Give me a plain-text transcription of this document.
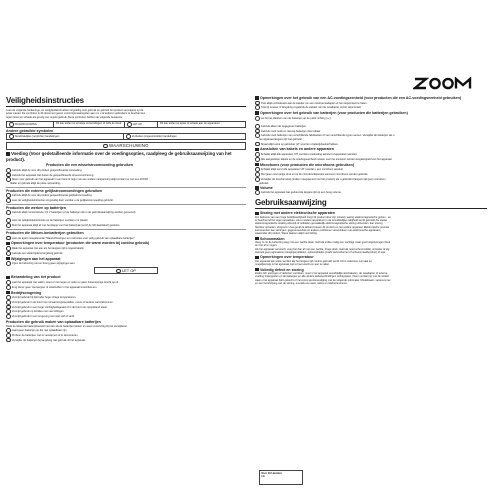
Veiligheidsinstructies
Lees de volgende bedienings- en veiligheidsinstructies zorgvuldig voor gebruik en gebruik het product vervolgens op de
juiste manier. De symbolen in dit document geven voorzorgsmaatregelen aan om u of anderen gebruikers te beschermen
tegen letsel en schade als gevolg van onjuist gebruik. Deze symbolen hebben de volgende betekenis:
WAARSCHUWING	Dit kan leiden tot ernstige verwondingen of zelfs de dood	LET OP	Dit kan leiden tot letsel of schade aan de apparatuur
Andere gebruikte symbolen
Noodzakelijke (verplichte) handelingen	Verboden (ongeoorloofde) handelingen
WAARSCHUWING
Voeding (Voor gedetailleerde informatie over de voedingsopties, raadpleeg de gebruiksaanwijzing van het product).
Producten die een wisselstroomvoeding gebruiken
Gebruik altijd de voor dit product gespecificeerde netvoeding.
Gebruik het apparaat niet buiten de gespecificeerde stroomvoorziening.
Neem voor gebruik van het apparaat in een land of regio met een andere netspanning altijd contact op met een ZOOM
dealer en gebruik altijd de juiste netvoeding.
Producten die externe gelijkstroomvoedingen gebruiken
Gebruik altijd de voor dit product gespecificeerde gelijkstroomvoeding.
Lees de veiligheidsinstructies zorgvuldig door voordat u de gelijkstroomvoeding gebruikt.
Producten die werken op batterijen
Gebruik altijd conventionele 1.5 V batterijen (of de batterijen die in de gebruiksaanwijzing worden genoemd).

Lees de veiligheidsinstructies op de batterijen voordat u ze plaatst.
Sluit het apparaat altijd af met het klepje voor het batterijvak (en/of de SD-kaartsleuf) gesloten.
Producten die lithium-ionbatterijen gebruiken
Lees de apart meegeleverde "Waarschuwingen en instructies voor veilig gebruik van oplaadbare batterijen".
Opmerkingen over temperatuur (producten die warm worden bij continu gebruik)
Raak het apparaat niet aan als het langere tijd is ingeschakeld.
Gebruik een statief tijdens langdurig gebruik.
Wijzigingen aan het apparaat
Open de behuizing niet en breng geen wijzigingen aan.
LET OP
Behandeling van het product
Laat het apparaat niet vallen, stoot er niet tegen en oefen er geen buitensporige kracht op uit.
Zorg dat er geen voorwerpen of vloeistoffen in het apparaat terechtkomen.
Bedrijfsomgeving
Vermijd gebruik bij bijzonder hoge of lage temperaturen.
Vermijd gebruik in de buurt van verwarmingstoestellen, ovens of andere warmtebronnen.
Vermijd gebruik in een hoge vochtigheidsgraad of in de buurt van opspattend water.
Vermijd gebruik op locaties met veel trillingen.
Vermijd gebruik in een omgeving met veel stof of zand.
Producten die gebruik maken van oplaadbare batterijen
Raak de lekkende batterijvloeistof niet aan als de batterijen lekken en wees voorzichtig bij het verwijderen.
Laad geen batterijen op die niet oplaadbaar zijn.
Probeer de batterijen niet te verwarmen of te demonteren.
Verwijder de batterijen bij langdurig niet gebruik uit het apparaat.
Opmerkingen over het gebruik van een AC-voedingseenheid (voor producten die een AC-voedingseenheid gebruiken)
Trek altijd rechtstreeks aan de stekker om een netstroomadapter uit het stopcontact te halen.
Trek bij onweer of langdurig ongebruik de stekker van de netadapter uit het stopcontact.
Opmerkingen over het gebruik van batterijen (voor producten die batterijen gebruiken)
Let bij het plaatsen van de batterijen op de juiste richting (+/-).

Gebruik alleen de opgegeven batterijen.
Gebruik nooit oude en nieuwe batterijen door elkaar.
Gebruik nooit batterijen van verschillende fabrikanten of van verschillende typen samen. Verwijder de batterijen als u
het apparaat langere tijd niet gebruikt.
Straal altijd extra op gebruiker (LT voorziet u batterijvloeistof lekken.
Aansluiten van kabels en andere apparaten
Schakel altijd alle apparaten UIT voordat u bedrading aansluit of apparaten aansluit.
Alle aangesloten kabels en de voedingseenheid moeten voor het transport worden losgekoppeld van het apparaat.
Microfoons (voor producten die microfoons gebruiken)
Schakel altijd eerst alle apparaten UIT voordat u een microfoon aansluit.
Stel geen overmatige druk uit op de microfoonkapsules wanneer microfoons worden gebruikt.
Verwijder de beschermkap (indien meegeleverd met het product) als u gebruiknd langere tijd geen microfoon
gebruikt.
Volume
Gebruik het apparaat niet gedurende langere tijd op een hoog volume.
Gebruiksaanwijzing
Storing met andere elektronische apparaten
Ten behoeve van een hoge bedrijfsveiligheid zorgt dit product door zijn ontwerp weinig elektromagnetische golven - en
er beschermd het tegen opwekken. Als er andere apparatuur in de onmiddellijke nabijheid wordt gebruikt die sterke
elektromagnetische straling uitzendt of middelen gemakkelijk elektromagnetische storing uitzenden, kan storing
hierdoor optreden. Vergroot in het geval de afstand tussen dit product en het andere apparaat. Elektronische precisie
instrumenten kan storingen, gegevensverlies en andere problemen veroorzaken met elektronische apparaten,
waaronder dit product. Wees daarom altijd voorzichtig.
Schoonmaken
Veeg zo nu de behuizing weg met een zachte doek. Gebruik indien nodig een vochtige maar goed uitgewrongen doek
om het af te vegen.
Als het apparaat vuil wordt, veeg het dan af met een zachte, droge doek. Gebruik nooit schuurmiddel, ontvetter of vlg.
Gebruik geen agressieve reinigingsmiddelen, oplosmiddelen (zoals verfverdunner of schoonmaakbenzine) of was.
Opmerkingen over temperatuur
Het apparaat kan warm worden als het langere tijd continu gebruikt wordt. Dit is volkomen normaal en
mogelijkerwijs is het apparaat niet te heet wordt om aan te raken.
Volledig defect en storing
Zodra zich storingen of defecten voordoen, moet u het apparaat onmiddellijk uitschakelen, de netadapter of externe
voeding loskoppelen en de batterijen en alle andere kabelverbindingen ontkoppelen. Neem contact op met de winkel
waar u het apparaat hebt gekocht of met onze servicevestiging met de volgende informatie: Modelnaam, serienummer
en een beschrijving van de storing, evenals uw naam, adres en telefoonnummer.
Voor EU-landen
CE
